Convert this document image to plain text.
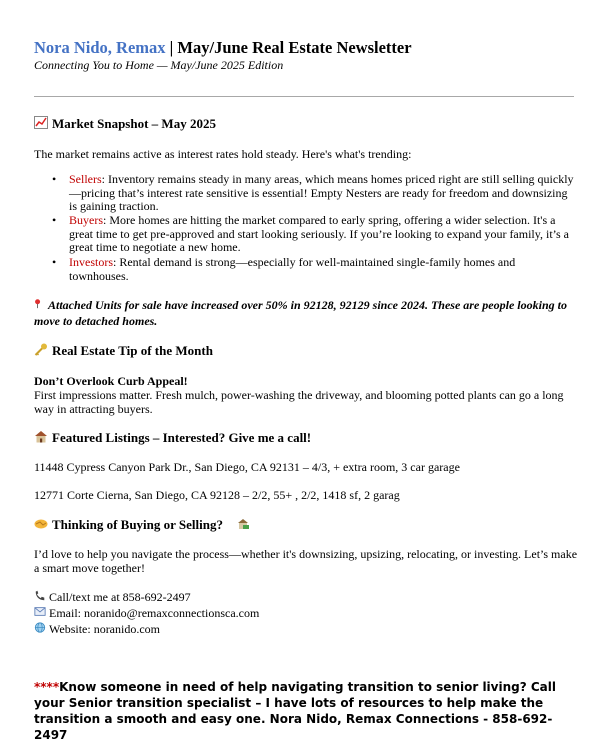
Nora Nido, Remax | May/June Real Estate Newsletter
Connecting You to Home — May/June 2025 Edition
Market Snapshot – May 2025
The market remains active as interest rates hold steady. Here's what's trending:
• Sellers: Inventory remains steady in many areas, which means homes priced right are still selling quickly—pricing that’s interest rate sensitive is essential! Empty Nesters are ready for freedom and downsizing is gaining traction.
• Buyers: More homes are hitting the market compared to early spring, offering a wider selection. It's a great time to get pre-approved and start looking seriously. If you’re looking to expand your family, it’s a great time to negotiate a new home.
• Investors: Rental demand is strong—especially for well-maintained single-family homes and townhouses.
Attached Units for sale have increased over 50% in 92128, 92129 since 2024. These are people looking to move to detached homes.
Real Estate Tip of the Month
Don’t Overlook Curb Appeal!
First impressions matter. Fresh mulch, power-washing the driveway, and blooming potted plants can go a long way in attracting buyers.
Featured Listings – Interested? Give me a call!
11448 Cypress Canyon Park Dr., San Diego, CA 92131 – 4/3, + extra room, 3 car garage
12771 Corte Cierna, San Diego, CA 92128 – 2/2, 55+ , 2/2, 1418 sf, 2 garag
Thinking of Buying or Selling?
I’d love to help you navigate the process—whether it's downsizing, upsizing, relocating, or investing. Let’s make a smart move together!
Call/text me at 858-692-2497
Email: noranido@remaxconnectionsca.com
Website: noranido.com
****Know someone in need of help navigating transition to senior living? Call your Senior transition specialist – I have lots of resources to help make the transition a smooth and easy one. Nora Nido, Remax Connections - 858-692-2497
